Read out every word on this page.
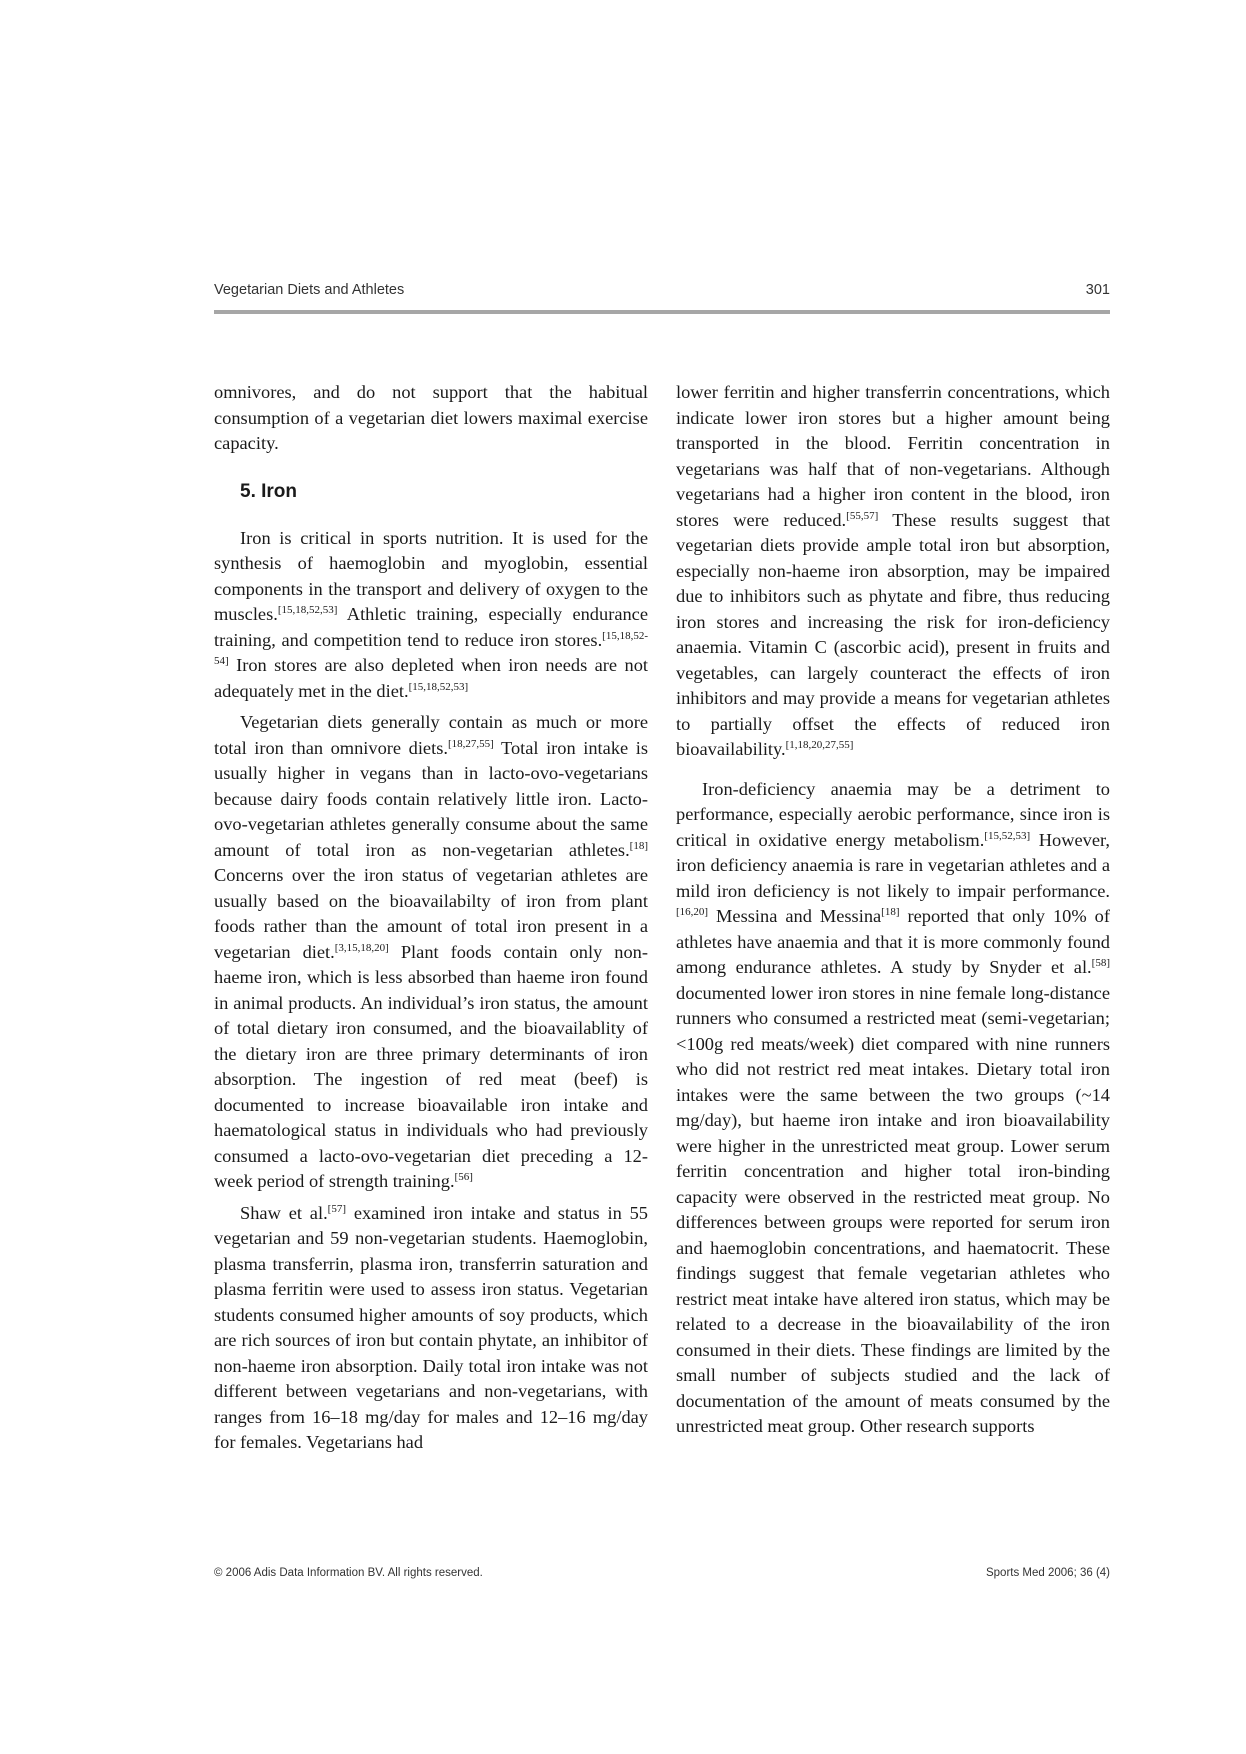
Vegetarian Diets and Athletes	301

omnivores, and do not support that the habitual consumption of a vegetarian diet lowers maximal exercise capacity.

5. Iron

Iron is critical in sports nutrition. It is used for the synthesis of haemoglobin and myoglobin, essential components in the transport and delivery of oxygen to the muscles.[15,18,52,53] Athletic training, especially endurance training, and competition tend to reduce iron stores.[15,18,52-54] Iron stores are also depleted when iron needs are not adequately met in the diet.[15,18,52,53]

Vegetarian diets generally contain as much or more total iron than omnivore diets.[18,27,55] Total iron intake is usually higher in vegans than in lacto-ovo-vegetarians because dairy foods contain relatively little iron. Lacto-ovo-vegetarian athletes generally consume about the same amount of total iron as non-vegetarian athletes.[18] Concerns over the iron status of vegetarian athletes are usually based on the bioavailabilty of iron from plant foods rather than the amount of total iron present in a vegetarian diet.[3,15,18,20] Plant foods contain only non-haeme iron, which is less absorbed than haeme iron found in animal products. An individual’s iron status, the amount of total dietary iron consumed, and the bioavailablity of the dietary iron are three primary determinants of iron absorption. The ingestion of red meat (beef) is documented to increase bioavailable iron intake and haematological status in individuals who had previously consumed a lacto-ovo-vegetarian diet preceding a 12-week period of strength training.[56]

Shaw et al.[57] examined iron intake and status in 55 vegetarian and 59 non-vegetarian students. Haemoglobin, plasma transferrin, plasma iron, transferrin saturation and plasma ferritin were used to assess iron status. Vegetarian students consumed higher amounts of soy products, which are rich sources of iron but contain phytate, an inhibitor of non-haeme iron absorption. Daily total iron intake was not different between vegetarians and non-vegetarians, with ranges from 16–18 mg/day for males and 12–16 mg/day for females. Vegetarians had

lower ferritin and higher transferrin concentrations, which indicate lower iron stores but a higher amount being transported in the blood. Ferritin concentration in vegetarians was half that of non-vegetarians. Although vegetarians had a higher iron content in the blood, iron stores were reduced.[55,57] These results suggest that vegetarian diets provide ample total iron but absorption, especially non-haeme iron absorption, may be impaired due to inhibitors such as phytate and fibre, thus reducing iron stores and increasing the risk for iron-deficiency anaemia. Vitamin C (ascorbic acid), present in fruits and vegetables, can largely counteract the effects of iron inhibitors and may provide a means for vegetarian athletes to partially offset the effects of reduced iron bioavailability.[1,18,20,27,55]

Iron-deficiency anaemia may be a detriment to performance, especially aerobic performance, since iron is critical in oxidative energy metabolism.[15,52,53] However, iron deficiency anaemia is rare in vegetarian athletes and a mild iron deficiency is not likely to impair performance.[16,20] Messina and Messina[18] reported that only 10% of athletes have anaemia and that it is more commonly found among endurance athletes. A study by Snyder et al.[58] documented lower iron stores in nine female long-distance runners who consumed a restricted meat (semi-vegetarian; <100g red meats/week) diet compared with nine runners who did not restrict red meat intakes. Dietary total iron intakes were the same between the two groups (~14 mg/day), but haeme iron intake and iron bioavailability were higher in the unrestricted meat group. Lower serum ferritin concentration and higher total iron-binding capacity were observed in the restricted meat group. No differences between groups were reported for serum iron and haemoglobin concentrations, and haematocrit. These findings suggest that female vegetarian athletes who restrict meat intake have altered iron status, which may be related to a decrease in the bioavailability of the iron consumed in their diets. These findings are limited by the small number of subjects studied and the lack of documentation of the amount of meats consumed by the unrestricted meat group. Other research supports

© 2006 Adis Data Information BV. All rights reserved.	Sports Med 2006; 36 (4)
